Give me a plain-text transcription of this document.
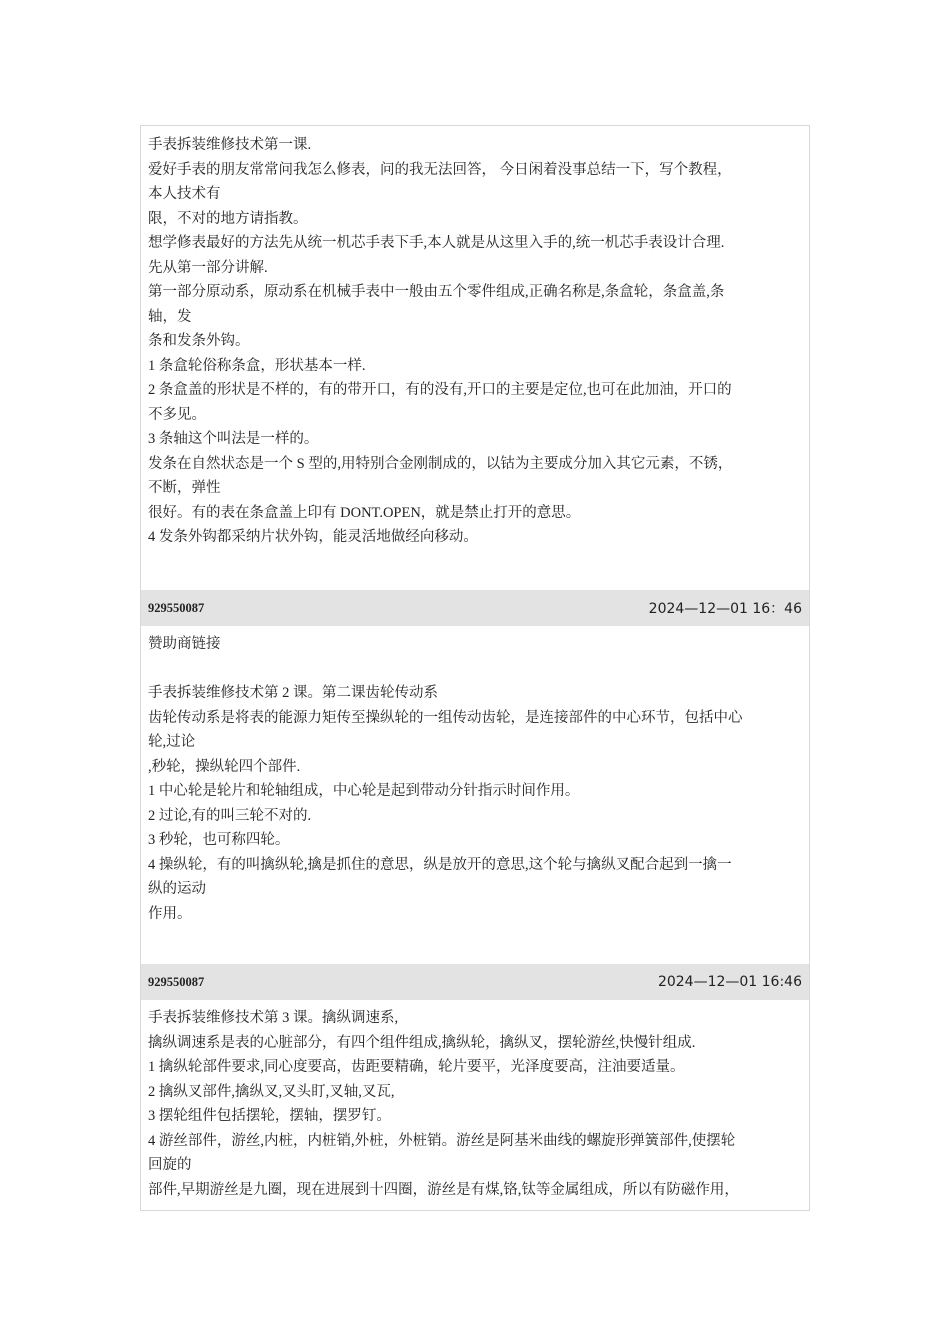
手表拆装维修技术第一课.
爱好手表的朋友常常问我怎么修表，问的我无法回答， 今日闲着没事总结一下，写个教程，
本人技术有
限，不对的地方请指教。
想学修表最好的方法先从统一机芯手表下手,本人就是从这里入手的,统一机芯手表设计合理.
先从第一部分讲解.
第一部分原动系，原动系在机械手表中一般由五个零件组成,正确名称是,条盒轮，条盒盖,条
轴，发
条和发条外钩。
1 条盒轮俗称条盒，形状基本一样.
2 条盒盖的形状是不样的，有的带开口，有的没有,开口的主要是定位,也可在此加油，开口的
不多见。
3 条轴这个叫法是一样的。
发条在自然状态是一个 S 型的,用特别合金刚制成的，以钴为主要成分加入其它元素，不锈，
不断，弹性
很好。有的表在条盒盖上印有 DONT.OPEN，就是禁止打开的意思。
4 发条外钩都采纳片状外钩，能灵活地做经向移动。
929550087	2024—12—01 16：46
赞助商链接
手表拆装维修技术第 2 课。第二课齿轮传动系
齿轮传动系是将表的能源力矩传至操纵轮的一组传动齿轮，是连接部件的中心环节，包括中心
轮,过论
,秒轮，操纵轮四个部件.
1 中心轮是轮片和轮轴组成，中心轮是起到带动分针指示时间作用。
2 过论,有的叫三轮不对的.
3 秒轮，也可称四轮。
4 操纵轮，有的叫擒纵轮,擒是抓住的意思，纵是放开的意思,这个轮与擒纵叉配合起到一擒一
纵的运动
作用。
929550087	2024—12—01 16:46
手表拆装维修技术第 3 课。擒纵调速系,
擒纵调速系是表的心脏部分，有四个组件组成,擒纵轮，擒纵叉，摆轮游丝,快慢针组成.
1 擒纵轮部件要求,同心度要高，齿距要精确，轮片要平，光泽度要高，注油要适量。
2 擒纵叉部件,擒纵叉,叉头盯,叉轴,叉瓦,
3 摆轮组件包括摆轮，摆轴，摆罗钉。
4 游丝部件，游丝,内桩，内桩销,外桩，外桩销。游丝是阿基米曲线的螺旋形弹簧部件,使摆轮
回旋的
部件,早期游丝是九圈，现在进展到十四圈，游丝是有煤,铬,钛等金属组成，所以有防磁作用，
